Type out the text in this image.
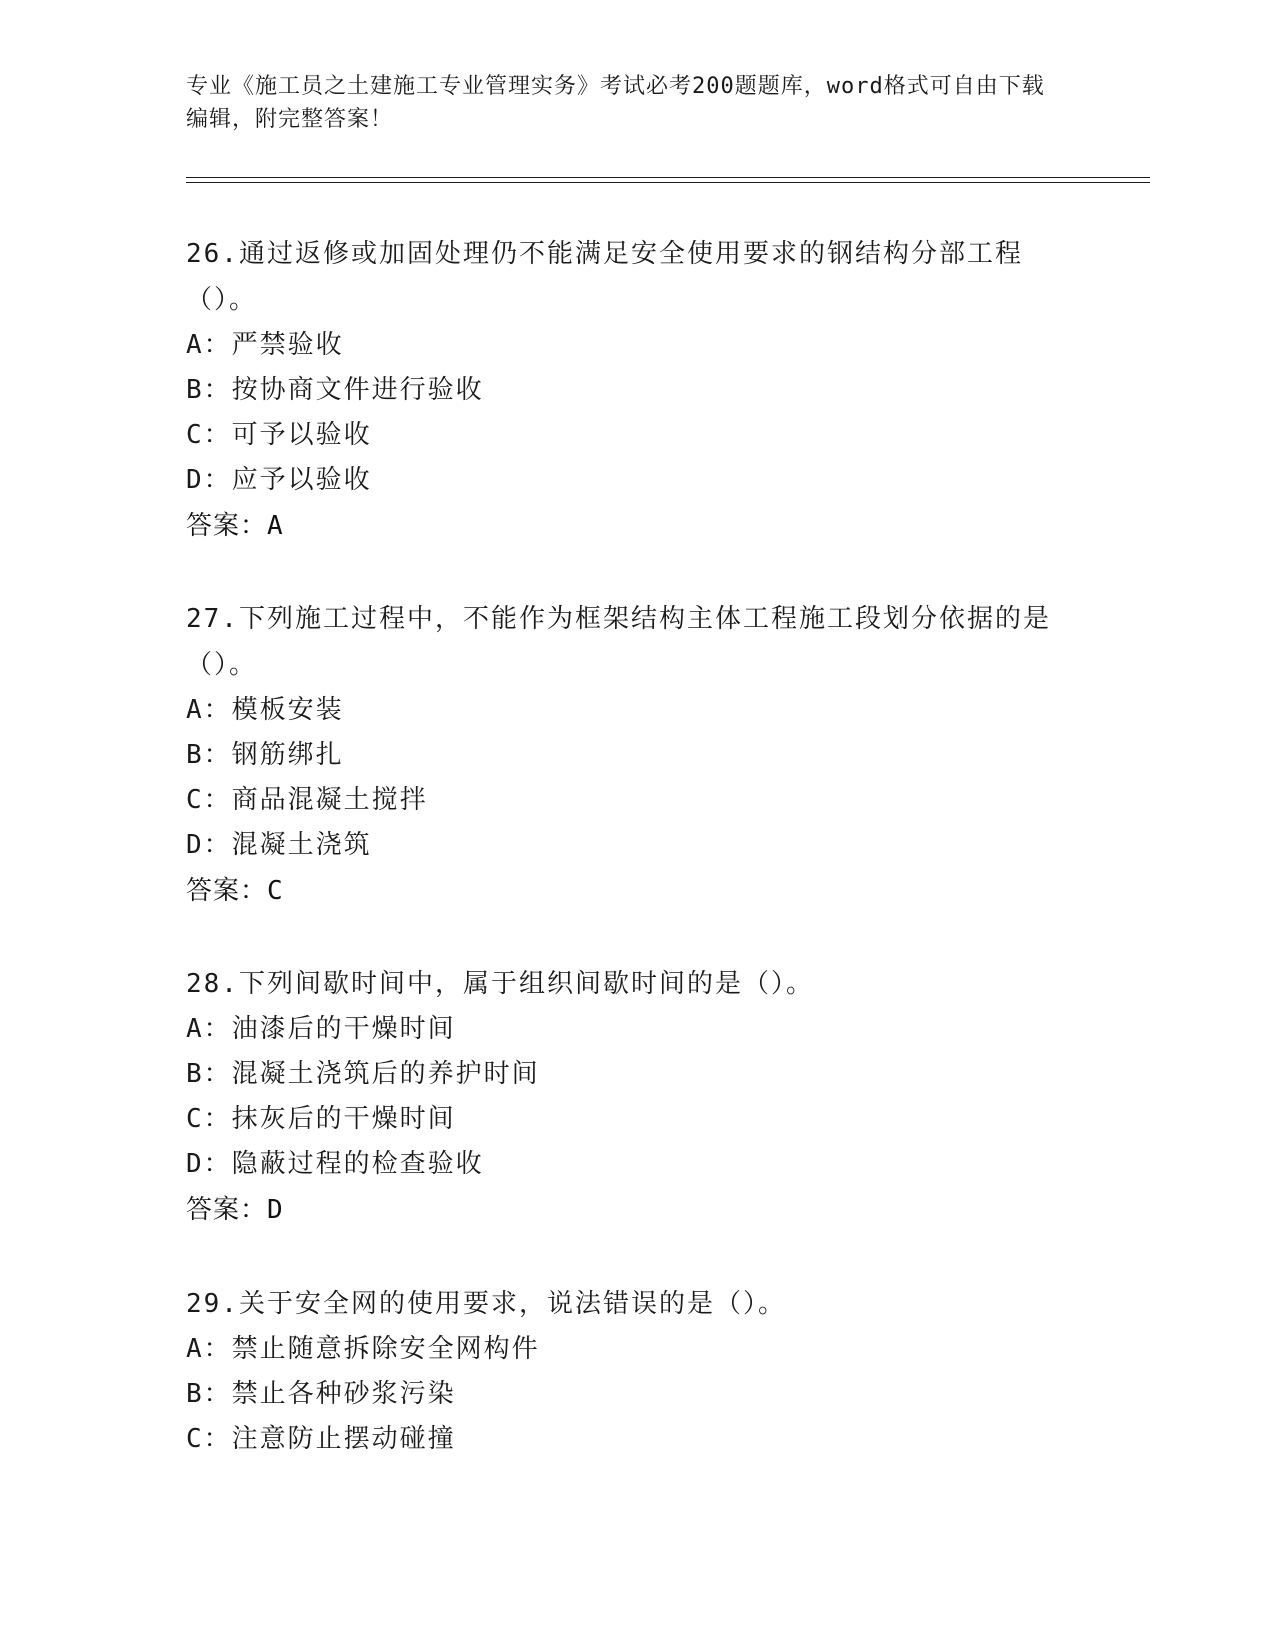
专业《施工员之土建施工专业管理实务》考试必考200题题库，word格式可自由下载编辑，附完整答案！

26.通过返修或加固处理仍不能满足安全使用要求的钢结构分部工程（）。

A：严禁验收

B：按协商文件进行验收

C：可予以验收

D：应予以验收

答案：A

27.下列施工过程中，不能作为框架结构主体工程施工段划分依据的是（）。

A：模板安装

B：钢筋绑扎

C：商品混凝土搅拌

D：混凝土浇筑

答案：C

28.下列间歇时间中，属于组织间歇时间的是（）。

A：油漆后的干燥时间

B：混凝土浇筑后的养护时间

C：抹灰后的干燥时间

D：隐蔽过程的检查验收

答案：D

29.关于安全网的使用要求，说法错误的是（）。

A：禁止随意拆除安全网构件

B：禁止各种砂浆污染

C：注意防止摆动碰撞
